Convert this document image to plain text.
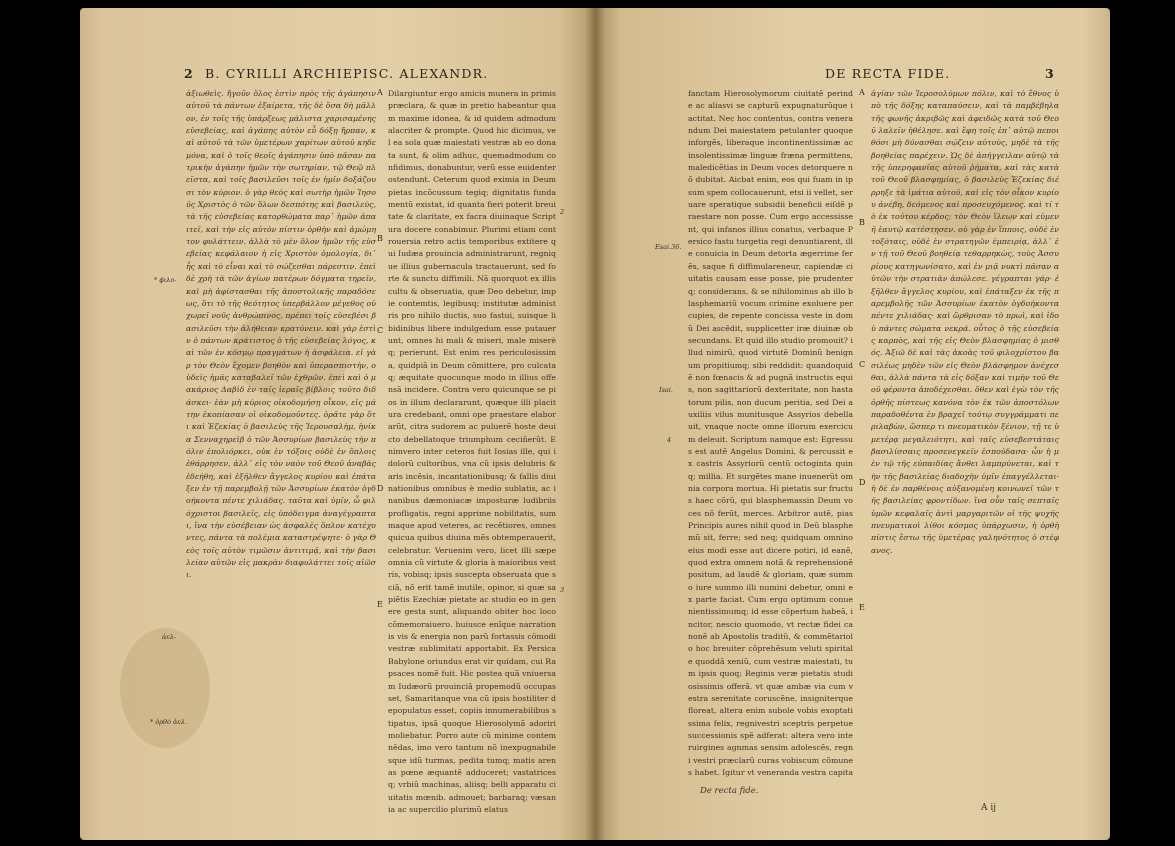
2 B. CYRILLI ARCHIEPISC. ALEXANDR.
ἀξιωθεὶς. ἤγοῦν ὅλος ἐστὶν πρὸς τῆς ἀγάπησιν αὐτοῦ τὰ πάντων ἐξαίρετα, τῆς δὲ ὅσα δὴ μᾶλλον, ἐν τοῖς τῆς ὑπάρξεως μάλιστα χαρισαμένης εὐσεβείας, καὶ ἀγάπης αὐτὸν εὖ δόξῃ ἤρπαν, καὶ αὐτοῦ τὰ τῶν ὑμετέρων χαρίτων αὐτοῦ κηδεμόνα, καὶ ὁ τοῖς θεοῖς ἀγάπησιν ὑπὸ πᾶσαν πατρικὴν ἀγάπην ἡμῶν τὴν σωτηρίαν, τῷ Θεῷ πλεῖστα, καὶ τοῖς βασιλεῦσι τοῖς ἐν ἡμῖν δοξάζουσι τὸν κύριον. ὁ γὰρ θεὸς καὶ σωτὴρ ἡμῶν Ἰησοῦς Χριστὸς ὁ τῶν ὅλων δεσπότης καὶ βασιλεὺς, τὰ τῆς εὐσεβείας κατορθώματα παρ᾽ ἡμῶν ἀπαιτεῖ, καὶ τὴν εἰς αὐτὸν πίστιν ὀρθὴν καὶ ἀμώμητον φυλάττειν. ἀλλὰ τὸ μὲν ὅλον ἡμῶν τῆς εὐσεβείας κεφάλαιον ἡ εἰς Χριστὸν ὁμολογία, δι᾽ ἧς καὶ τὸ εἶναι καὶ τὸ σώζεσθαι πάρεστιν. ἐπεὶ δὲ χρὴ τὰ τῶν ἁγίων πατέρων δόγματα τηρεῖν, καὶ μὴ ἀφίστασθαι τῆς ἀποστολικῆς παραδόσεως, ὅτι τὸ τῆς θεότητος ὑπερβάλλον μέγεθος οὐ χωρεῖ νοῦς ἀνθρώπινος, πρέπει τοῖς εὐσεβέσι βασιλεῦσι τὴν ἀλήθειαν κρατύνειν. καὶ γὰρ ἐστὶν ὁ πάντων κράτιστος ὁ τῆς εὐσεβείας λόγος, καὶ τῶν ἐν κόσμῳ πραγμάτων ἡ ἀσφάλεια. εἰ γὰρ τὸν Θεὸν ἔχομεν βοηθὸν καὶ ὑπερασπιστὴν, οὐδεὶς ἡμᾶς καταβαλεῖ τῶν ἐχθρῶν. ἐπεὶ καὶ ὁ μακάριος Δαβὶδ ἐν ταῖς ἱεραῖς βίβλοις τοῦτο διδάσκει· ἐὰν μὴ κύριος οἰκοδομήσῃ οἶκον, εἰς μάτην ἐκοπίασαν οἱ οἰκοδομοῦντες. ὁρᾶτε γὰρ ὅτι καὶ Ἐζεκίας ὁ βασιλεὺς τῆς Ἰερουσαλὴμ, ἡνίκα Σενναχηρεὶβ ὁ τῶν Ἀσσυρίων βασιλεὺς τὴν πόλιν ἐπολιόρκει, οὐκ ἐν τόξοις οὐδὲ ἐν ὅπλοις ἐθάρρησεν, ἀλλ᾽ εἰς τὸν ναὸν τοῦ Θεοῦ ἀναβὰς ἐδεήθη, καὶ ἐξῆλθεν ἄγγελος κυρίου καὶ ἐπάταξεν ἐν τῇ παρεμβολῇ τῶν Ἀσσυρίων ἑκατὸν ὀγδοήκοντα πέντε χιλιάδας. ταῦτα καὶ ὑμῖν, ὦ φιλόχριστοι βασιλεῖς, εἰς ὑπόδειγμα ἀναγέγραπται, ἵνα τὴν εὐσέβειαν ὡς ἀσφαλὲς ὅπλον κατέχοντες, πάντα τὰ πολέμια καταστρέψητε· ὁ γὰρ Θεὸς τοῖς αὐτὸν τιμῶσιν ἀντιτιμᾷ, καὶ τὴν βασιλείαν αὐτῶν εἰς μακρὰν διαφυλάττει τοῖς αἰῶσι.
Dilargiuntur ergo amicis munera in primis præclara, & quæ in pretio habeantur quam maxime idonea, & id quidem admodum alacriter & prompte. Quod hic dicimus, vel ea sola quæ maiestati vestræ ab eo donata sunt, & olim adhuc, quemadmodum confidimus, donabuntur, verũ esse euidenter ostendunt. Ceterum quod eximia in Deum pietas incõcussum tegiq; dignitatis fundamentũ existat, id quanta fieri poterit breuitate & claritate, ex facra diuinaque Scriptura docere conabimur. Plurimi etiam controuersia retro actis temporibus extitere qui Iudæa prouincia administrarunt, regnique illius gubernacula tractauerunt, sed forte & sunctu diffimili. Nã quorquot ex illis cultu & obseruatia, quæ Deo debetur, impie contemtis, legibusq; institutæ administris pro nihilo ductis, suo fastui, suisque libidinibus libere indulgedum esse putauerunt, omnes hi mali & miseri, male miserèq; perierunt. Est enim res periculosissima, quidpiã in Deum cõmittere, pro culcataq; æquitate quocunque modo in illius offensã incidere. Contra vero quicunque se pios in illum declararunt, quæque illi placitura credebant, omni ope praestare elaborarũt, citra sudorem ac puluerẽ hoste deuicto debellatoque triumphum ceciñerũt. Enimvero inter ceteros fuit Iosias ille, qui idolorũ cultoribus, vna cũ ipsis delubris & aris incẽsis, incantationibusq; & fallis diuinationibus omnibus è medio sublatis, ac inanibus dæmoniacæ imposturæ ludibriis profligatis, regni apprime nobilitatis, summaque apud veteres, ac recẽtiores, omnes quicua quibus diuina mẽs obtemperauerit, celebratur. Veruenim vero, licet illi sæpe omnia cũ virtute & gloria à maioribus vestris, vobisq; ipsis suscepta obseruata que sciã, nõ erit tamẽ inutile, opinor, si quæ sapiẽtis Ezechiæ pietate ac studio eo in genere gesta sunt, aliquando obiter hoc loco cõmemoraiuero. huiusce enĩque narrationis vis & energia non parũ fortassis cõmodi vestræ sublimitati apportabit. Ex Persica Babylone oriundus erat vir quidam, cui Rapsaces nomẽ fuit. Hic postea quã vniuersam Iudæorũ prouinciã propemodũ occupasset, Samaritanque vna cũ ipsis hostiliter depopulatus esset, copiis innumerabilibus stipatus, ipsã quoque Hierosolymã adoriri moliebatur. Porro aute cũ minime contemnẽdas, imo vero tantum nõ inexpugnabilesque idũ turmas, pedita tumq; matis arenas pœne æquantẽ adduceret; vastatricesq; vrbiũ machinas, aliisq; belli apparatu ciuitatis mœnib. admouet; barbaraq; væsania ac supercilio plurimũ elatus
A
B
C
D
E
* ϕιλο-
ἀελ-
* ὀρθὸ ἀελ.
2
3
DE RECTA FIDE.	3
fanctam Hierosolymorum ciuitatẽ perinde ac aliasvi se capturũ expugnaturũque iactitat. Nec hoc contentus, contra venerandum Dei maiestatem petulanter quoque inforgẽs, liberaque incontinentissimæ ac insolentissimæ linguæ fræna permittens, maledicẽtias in Deum voces detorquere nõ dubitat. Aicbat enim, eos qui fuam in ipsum spem collocauerunt, etsi ii vellet, seruare speratique subsidii beneficii eiſdẽ praestare non posse. Cum ergo accessissent, qui infanos illius conatus, verbaque Persico fastu turgetia regi denuntiarent, ille conuicia in Deum detorta ægerrime ferẽs, saque fi diffimulareneur, capiendæ ciuitatis causam esse posse, pie prudenterq; considerans, & se nihilominus ab illo blasphemariũ vocum crimine exoluere percupies, de repente concissa veste in domũ Dei ascẽdit, supplicetter iræ diuinæ obsecundans. Et quid illo studio promouit? illud nimirũ, quod virtutẽ Dominũ benignum propitiumq; sibi reddidit: quandoquidẽ non fœnacis & ad pugnã instructis equis, non sagittariorũ dexteritate, non hastatorum pilis, non ducum peritia, sed Dei auxiliis vilus munitusque Assyrios debellauit, vnaque nocte omne illorum exercicum deleuit. Scriptum namque est: Egressus est autẽ Angelus Domini, & percussit ex castris Assyriorũ centũ octoginta quinq; millia. Et surgẽtes mane inuenerũt omnia corpora mortua. Hi pietatis sur fructus haec cõrũ, qui blasphemassin Deum voces nõ ferũt, merces. Arbitror autẽ, pias Principis aures nihil quod in Deũ blasphemũ sit, ferre; sed neq; quidquam omnino eius modi esse aut dicere potiri, id eanẽ, quod extra omnem notã & reprehensionẽ positum, ad laudẽ & gloriam, quæ summo iure summo illi numini debetur, omni ex parte faciat. Cum ergo optimum conuenientissimumq; id esse cõpertum habeã, incitor, nescio quomodo, vt rectæ fidei canonẽ ab Apostolis traditũ, & commẽtariolo hoc breuiter cõprehẽsum veluti spiritale quoddã xeniũ, cum vestræ maiestati, tum ipsis quoq; Reginis veræ pietatis studiosissimis offerã. vt quæ ambæ via cum vestra serenitate coruscẽne, insigniterque floreat, altera enim subole vobis exoptatissima felix, regnivestri sceptris perpetue successionis spẽ adferat: altera vero interuirgines agnmas sensim adolescẽs, regni vestri præclarũ curas vobiscum cõmunes habet. Igitur vt veneranda vestra capita
ἁγίαν τῶν Ἱεροσολύμων πόλιν, καὶ τὸ ἔθνος ὑπὸ τῆς δόξης καταπαύσειν, καὶ τὰ παμβέβηλα τῆς φωνῆς ἀκριβῶς καὶ ἀφειδῶς κατὰ τοῦ Θεοῦ λαλεῖν ἠθέλησε. καὶ ἔφη τοῖς ἐπ᾽ αὐτῷ πεποιθόσι μὴ δύνασθαι σῴζειν αὐτοὺς, μηδὲ τὰ τῆς βοηθείας παρέχειν. Ὡς δὲ ἀπήγγειλαν αὐτῷ τὰ τῆς ὑπερηφανίας αὐτοῦ ῥήματα, καὶ τὰς κατὰ τοῦ Θεοῦ βλασφημίας, ὁ βασιλεὺς Ἐζεκίας διέρρηξε τὰ ἱμάτια αὐτοῦ, καὶ εἰς τὸν οἶκον κυρίου ἀνέβη, δεόμενος καὶ προσευχόμενος. καὶ τί τὸ ἐκ τούτου κέρδος; τὸν Θεὸν ἵλεων καὶ εὐμενῆ ἑαυτῷ κατέστησεν. οὐ γὰρ ἐν ἵπποις, οὐδὲ ἐν τοξόταις, οὐδὲ ἐν στρατηγῶν ἐμπειρίᾳ, ἀλλ᾽ ἐν τῇ τοῦ Θεοῦ βοηθείᾳ τεθαρρηκὼς, τοὺς Ἀσσυρίους κατηγωνίσατο, καὶ ἐν μιᾷ νυκτὶ πᾶσαν αὐτῶν τὴν στρατιὰν ἀπώλεσε. γέγραπται γάρ· ἐξῆλθεν ἄγγελος κυρίου, καὶ ἐπάταξεν ἐκ τῆς παρεμβολῆς τῶν Ἀσσυρίων ἑκατὸν ὀγδοήκοντα πέντε χιλιάδας· καὶ ὤρθρισαν τὸ πρωὶ, καὶ ἰδοὺ πάντες σώματα νεκρά. οὗτος ὁ τῆς εὐσεβείας καρπὸς, καὶ τῆς εἰς Θεὸν βλασφημίας ὁ μισθός. Ἀξιῶ δὲ καὶ τὰς ἀκοὰς τοῦ φιλοχρίστου βασιλέως μηδὲν τῶν εἰς Θεὸν βλάσφημον ἀνέχεσθαι, ἀλλὰ πάντα τὰ εἰς δόξαν καὶ τιμὴν τοῦ Θεοῦ φέροντα ἀποδέχεσθαι. ὅθεν καὶ ἐγὼ τὸν τῆς ὀρθῆς πίστεως κανόνα τὸν ἐκ τῶν ἀποστόλων παραδοθέντα ἐν βραχεῖ τούτῳ συγγράμματι περιλαβὼν, ὥσπερ τι πνευματικὸν ξένιον, τῇ τε ὑμετέρᾳ μεγαλειότητι, καὶ ταῖς εὐσεβεστάταις βασιλίσσαις προσενεγκεῖν ἐσπούδασα· ὧν ἡ μὲν τῷ τῆς εὐπαιδίας ἄνθει λαμπρύνεται, καὶ τὴν τῆς βασιλείας διαδοχὴν ὑμῖν ἐπαγγέλλεται· ἡ δὲ ἐν παρθένοις αὐξανομένη κοινωνεῖ τῶν τῆς βασιλείας φροντίδων. ἵνα οὖν ταῖς σεπταῖς ὑμῶν κεφαλαῖς ἀντὶ μαργαριτῶν οἱ τῆς ψυχῆς πνευματικοὶ λίθοι κόσμος ὑπάρχωσιν, ἡ ὀρθὴ πίστις ἔστω τῆς ὑμετέρας γαληνότητος ὁ στέφανος.
A
B
C
D
E
Esai.36.
Isai.
4
De recta fide.
A ij
